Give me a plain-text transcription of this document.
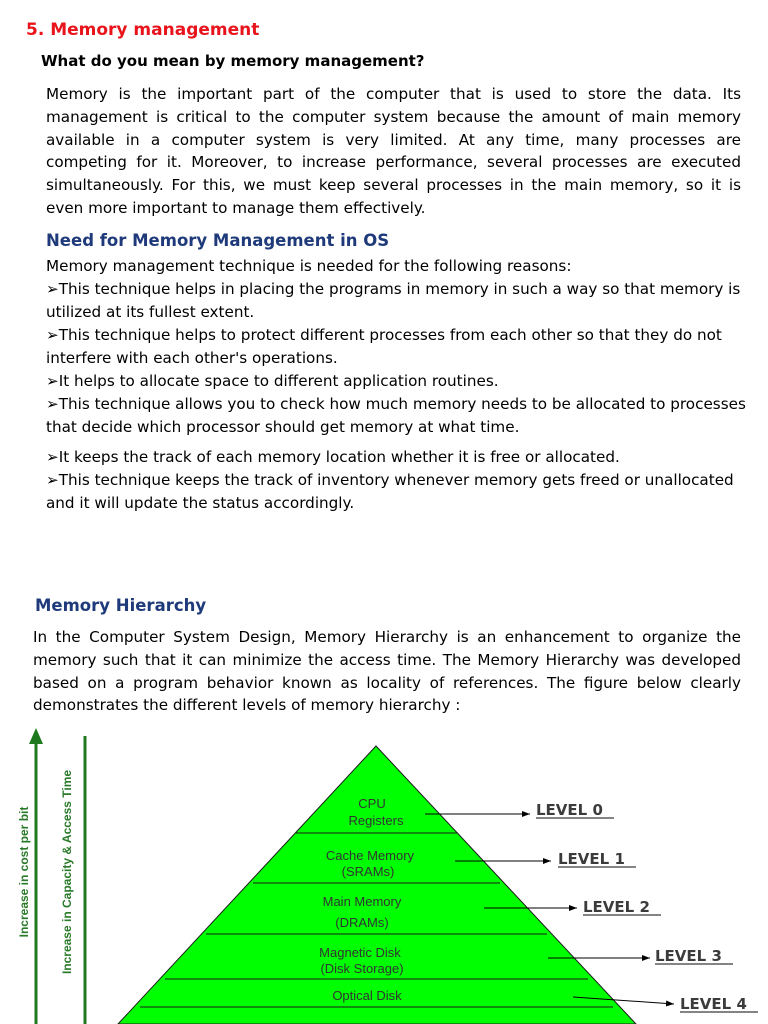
5. Memory management
What do you mean by memory management?
Memory is the important part of the computer that is used to store the data. Its management is critical to the computer system because the amount of main memory available in a computer system is very limited. At any time, many processes are competing for it. Moreover, to increase performance, several processes are executed simultaneously. For this, we must keep several processes in the main memory, so it is even more important to manage them effectively.
Need for Memory Management in OS
Memory management technique is needed for the following reasons:
➢This technique helps in placing the programs in memory in such a way so that memory is utilized at its fullest extent.
➢This technique helps to protect different processes from each other so that they do not interfere with each other's operations.
➢It helps to allocate space to different application routines.
➢This technique allows you to check how much memory needs to be allocated to processes that decide which processor should get memory at what time.
➢It keeps the track of each memory location whether it is free or allocated.
➢This technique keeps the track of inventory whenever memory gets freed or unallocated and it will update the status accordingly.
Memory Hierarchy
In the Computer System Design, Memory Hierarchy is an enhancement to organize the memory such that it can minimize the access time. The Memory Hierarchy was developed based on a program behavior known as locality of references. The figure below clearly demonstrates the different levels of memory hierarchy :
Increase in cost per bit Increase in Capacity & Access Time	CPU
Registers
Cache Memory
(SRAMs)
Main Memory
(DRAMs)
Magnetic Disk
(Disk Storage)
Optical Disk
LEVEL 0
LEVEL 1
LEVEL 2
LEVEL 3
LEVEL 4
